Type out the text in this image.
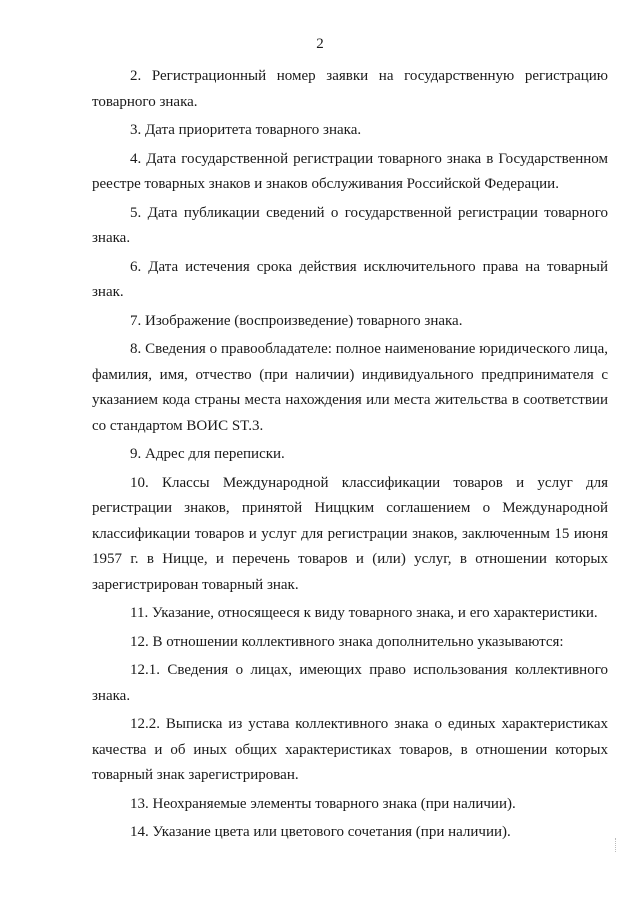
2

2. Регистрационный номер заявки на государственную регистрацию товарного знака.

3. Дата приоритета товарного знака.

4. Дата государственной регистрации товарного знака в Государственном реестре товарных знаков и знаков обслуживания Российской Федерации.

5. Дата публикации сведений о государственной регистрации товарного знака.

6. Дата истечения срока действия исключительного права на товарный знак.

7. Изображение (воспроизведение) товарного знака.

8. Сведения о правообладателе: полное наименование юридического лица, фамилия, имя, отчество (при наличии) индивидуального предпринимателя с указанием кода страны места нахождения или места жительства в соответствии со стандартом ВОИС ST.3.

9. Адрес для переписки.

10. Классы Международной классификации товаров и услуг для регистрации знаков, принятой Ниццким соглашением о Международной классификации товаров и услуг для регистрации знаков, заключенным 15 июня 1957 г. в Ницце, и перечень товаров и (или) услуг, в отношении которых зарегистрирован товарный знак.

11. Указание, относящееся к виду товарного знака, и его характеристики.

12. В отношении коллективного знака дополнительно указываются:

12.1. Сведения о лицах, имеющих право использования коллективного знака.

12.2. Выписка из устава коллективного знака о единых характеристиках качества и об иных общих характеристиках товаров, в отношении которых товарный знак зарегистрирован.

13. Неохраняемые элементы товарного знака (при наличии).

14. Указание цвета или цветового сочетания (при наличии).
